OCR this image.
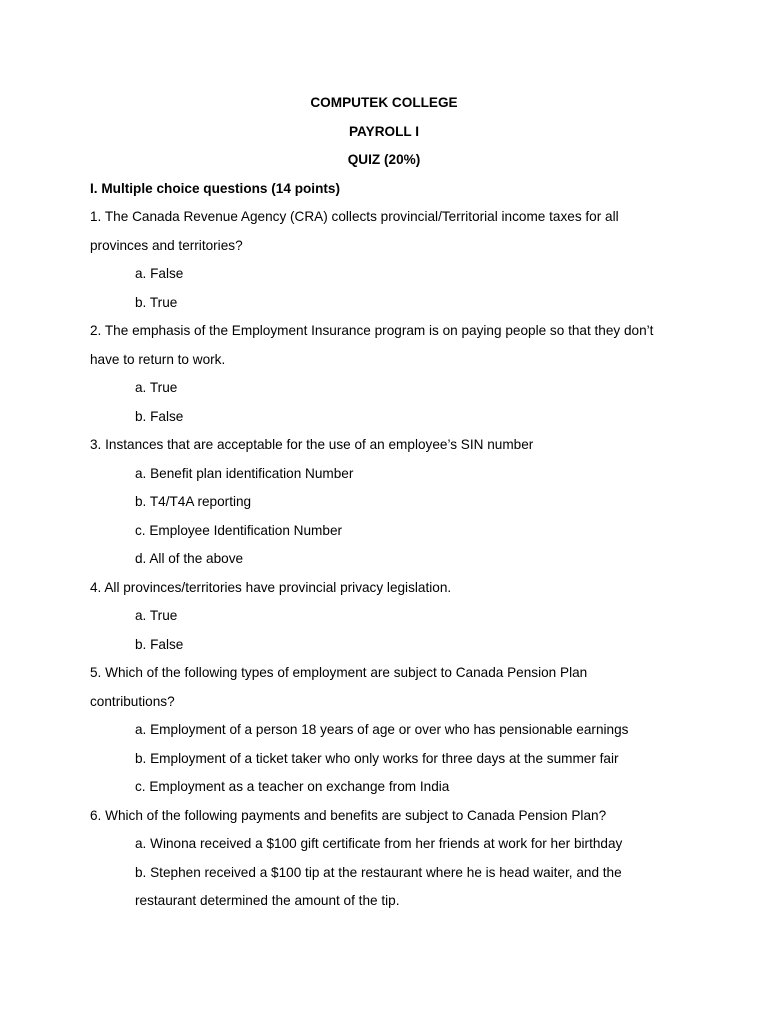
COMPUTEK COLLEGE
PAYROLL I
QUIZ (20%)
I. Multiple choice questions (14 points)
1. The Canada Revenue Agency (CRA) collects provincial/Territorial income taxes for all
provinces and territories?
a. False
b. True
2. The emphasis of the Employment Insurance program is on paying people so that they don’t
have to return to work.
a. True
b. False
3. Instances that are acceptable for the use of an employee’s SIN number
a. Benefit plan identification Number
b. T4/T4A reporting
c. Employee Identification Number
d. All of the above
4. All provinces/territories have provincial privacy legislation.
a. True
b. False
5. Which of the following types of employment are subject to Canada Pension Plan
contributions?
a. Employment of a person 18 years of age or over who has pensionable earnings
b. Employment of a ticket taker who only works for three days at the summer fair
c. Employment as a teacher on exchange from India
6. Which of the following payments and benefits are subject to Canada Pension Plan?
a. Winona received a $100 gift certificate from her friends at work for her birthday
b. Stephen received a $100 tip at the restaurant where he is head waiter, and the
restaurant determined the amount of the tip.
